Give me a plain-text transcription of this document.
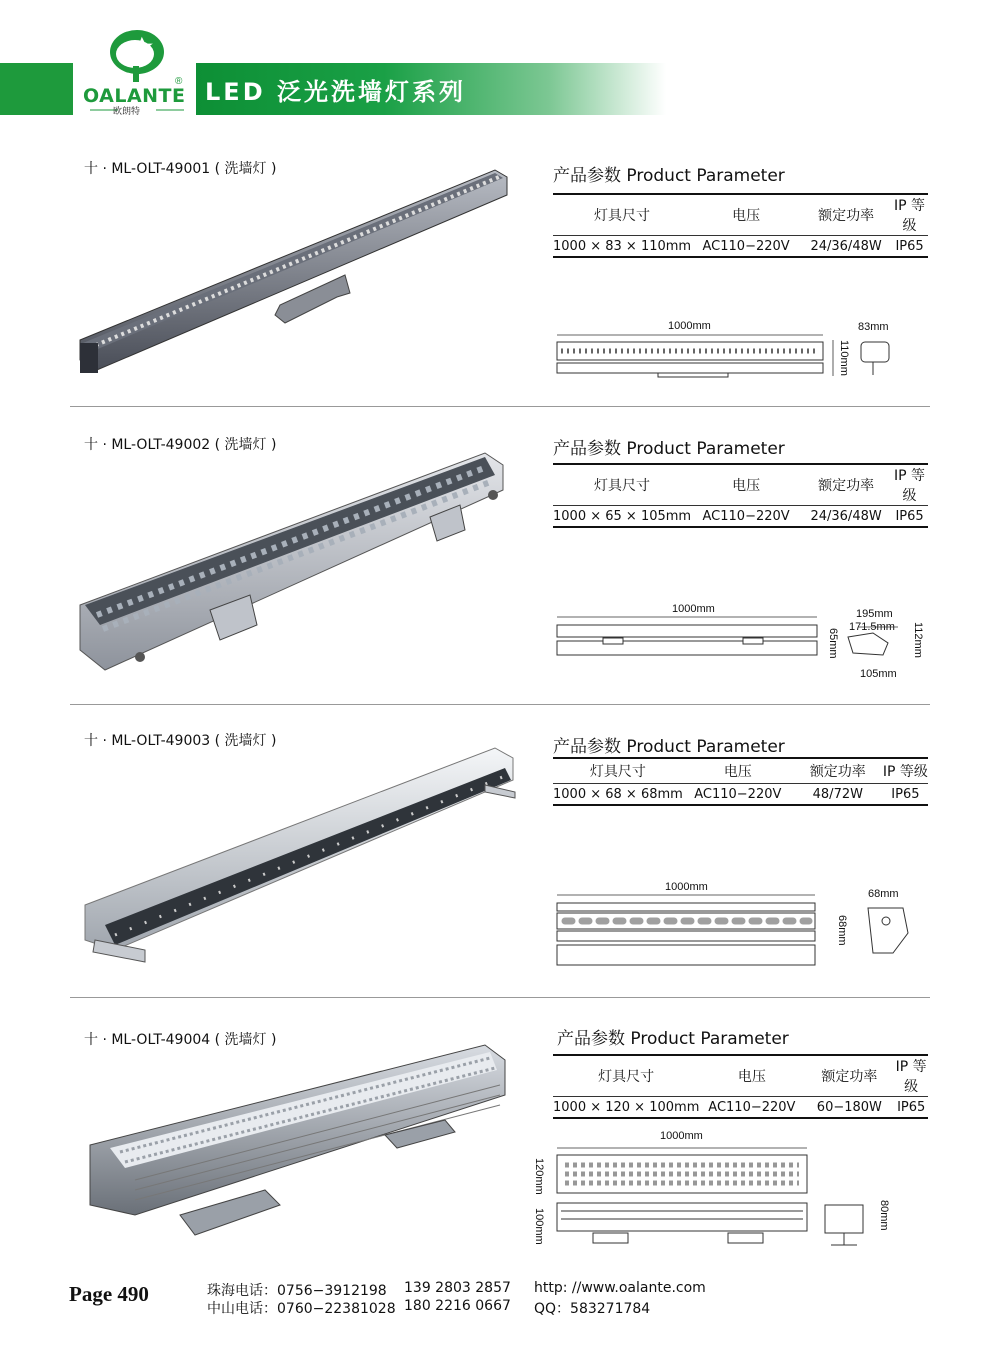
OALANTE
®
欧朗特
LED 泛光洗墙灯系列
十 · ML-OLT-49001 ( 洗墙灯 )	产品参数 Product Parameter
灯具尺寸	电压	额定功率	IP 等级
1000 × 83 × 110mm	AC110−220V	24/36/48W	IP65
1000mm	83mm
110mm
十 · ML-OLT-49002 ( 洗墙灯 )	产品参数 Product Parameter
灯具尺寸	电压	额定功率	IP 等级
1000 × 65 × 105mm	AC110−220V	24/36/48W	IP65
1000mm	195mm
171.5mm 112mm
65mm
105mm
十 · ML-OLT-49003 ( 洗墙灯 )	产品参数 Product Parameter
灯具尺寸	电压	额定功率	IP 等级
1000 × 68 × 68mm	AC110−220V	48/72W	IP65
1000mm
68mm
68mm
十 · ML-OLT-49004 ( 洗墙灯 )	产品参数 Product Parameter
灯具尺寸	电压	额定功率	IP 等级
1000 × 120 × 100mm	AC110−220V	60−180W	IP65
1000mm
120mm
100mm	80mm
Page 490	珠海电话：0756−3912198 139 2803 2857
中山电话：0760−22381028 180 2216 0667
http: //www.oalante.com
QQ：583271784
